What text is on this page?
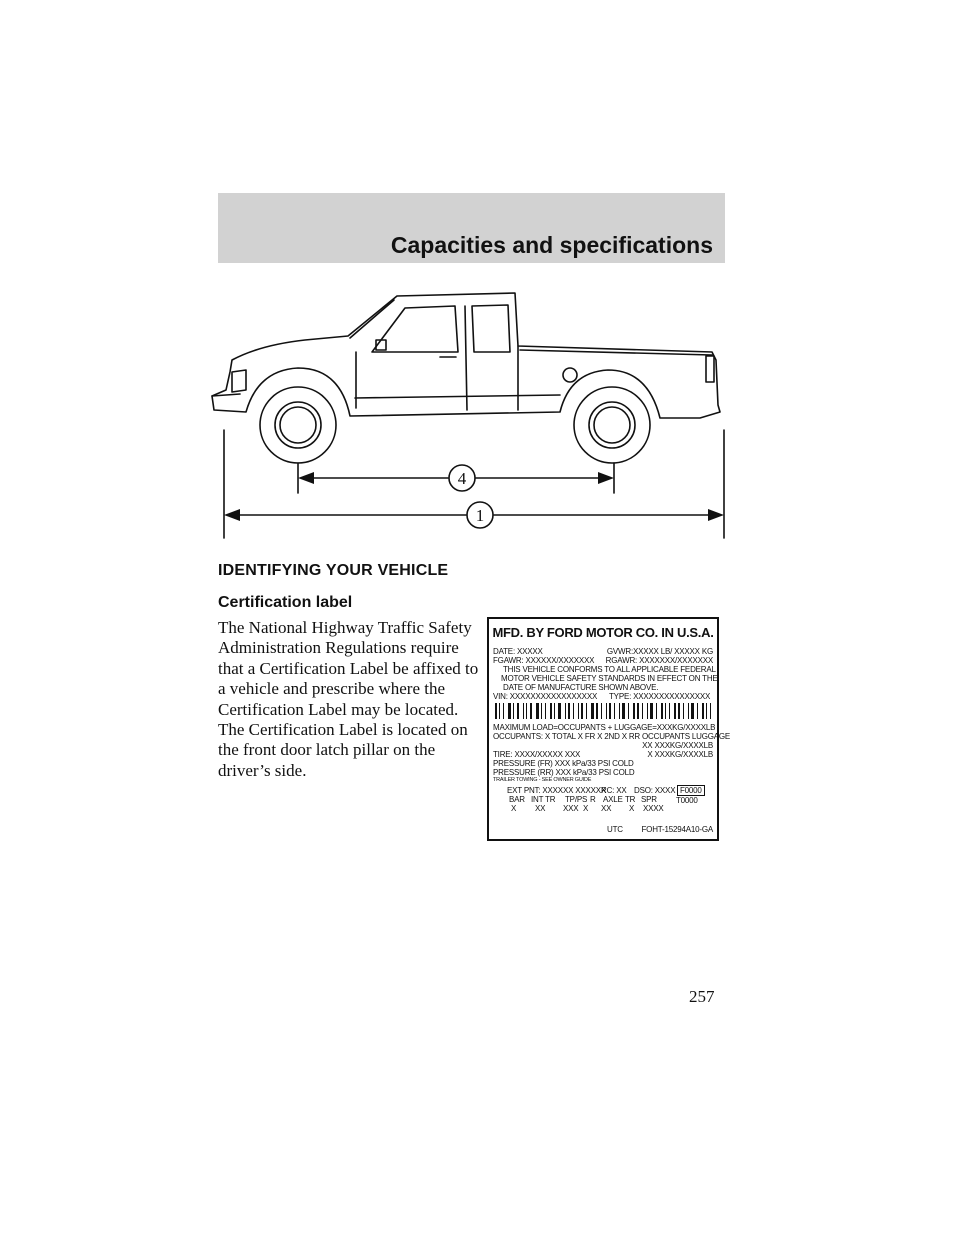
Capacities and specifications
4
1
IDENTIFYING YOUR VEHICLE
Certification label
The National Highway Traffic Safety Administration Regulations require that a Certification Label be affixed to a vehicle and prescribe where the Certification Label may be located. The Certification Label is located on the front door latch pillar on the driver’s side.
MFD. BY FORD MOTOR CO. IN U.S.A.
DATE: XXXXX	GVWR:XXXXX LB/ XXXXX KG
FGAWR: XXXXXX/XXXXXXX RGAWR: XXXXXXX/XXXXXXX
THIS VEHICLE CONFORMS TO ALL APPLICABLE FEDERAL
MOTOR VEHICLE SAFETY STANDARDS IN EFFECT ON THE
DATE OF MANUFACTURE SHOWN ABOVE.
VIN: XXXXXXXXXXXXXXXXX TYPE: XXXXXXXXXXXXXXX
MAXIMUM LOAD=OCCUPANTS + LUGGAGE=XXXKG/XXXXLB
OCCUPANTS: X TOTAL X FR X 2ND X RR OCCUPANTS LUGGAGE
XX XXXKG/XXXXLB
TIRE: XXXX/XXXXX XXX	X XXXKG/XXXXLB
PRESSURE (FR) XXX kPa/33 PSI COLD
PRESSURE (RR) XXX kPa/33 PSI COLD
TRAILER TOWING - SEE OWNER GUIDE
EXT PNT: XXXXXX XXXXXX
RC: XX DSO: XXXX F0000
BAR INT TR TP/PS R AXLE TR SPR T0000
X XX XXX X XX X XXXX
UTC FOHT-15294A10-GA
257
